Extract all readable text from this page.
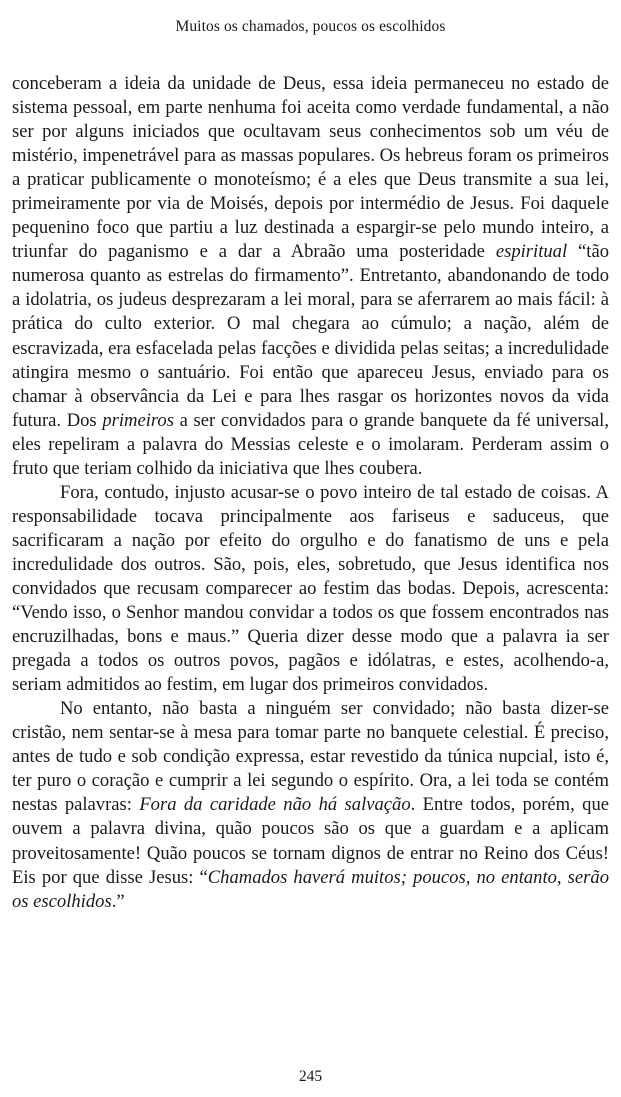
Muitos os chamados, poucos os escolhidos

conceberam a ideia da unidade de Deus, essa ideia permaneceu no estado de sistema pessoal, em parte nenhuma foi aceita como verdade fundamental, a não ser por alguns iniciados que ocultavam seus conhecimentos sob um véu de mistério, impenetrável para as massas populares. Os hebreus foram os primeiros a praticar publicamente o monoteísmo; é a eles que Deus transmite a sua lei, primeiramente por via de Moisés, depois por intermédio de Jesus. Foi daquele pequenino foco que partiu a luz destinada a espargir-se pelo mundo inteiro, a triunfar do paganismo e a dar a Abraão uma posteridade espiritual “tão numerosa quanto as estrelas do firmamento”. Entretanto, abandonando de todo a idolatria, os judeus desprezaram a lei moral, para se aferrarem ao mais fácil: à prática do culto exterior. O mal chegara ao cúmulo; a nação, além de escravizada, era esfacelada pelas facções e dividida pelas seitas; a incredulidade atingira mesmo o santuário. Foi então que apareceu Jesus, enviado para os chamar à observância da Lei e para lhes rasgar os horizontes novos da vida futura. Dos primeiros a ser convidados para o grande banquete da fé universal, eles repeliram a palavra do Messias celeste e o imolaram. Perderam assim o fruto que teriam colhido da iniciativa que lhes coubera.

Fora, contudo, injusto acusar-se o povo inteiro de tal estado de coisas. A responsabilidade tocava principalmente aos fariseus e saduceus, que sacrificaram a nação por efeito do orgulho e do fanatismo de uns e pela incredulidade dos outros. São, pois, eles, sobretudo, que Jesus identifica nos convidados que recusam comparecer ao festim das bodas. Depois, acrescenta: “Vendo isso, o Senhor mandou convidar a todos os que fossem encontrados nas encruzilhadas, bons e maus.” Queria dizer desse modo que a palavra ia ser pregada a todos os outros povos, pagãos e idólatras, e estes, acolhendo-a, seriam admitidos ao festim, em lugar dos primeiros convidados.

No entanto, não basta a ninguém ser convidado; não basta dizer-se cristão, nem sentar-se à mesa para tomar parte no banquete celestial. É preciso, antes de tudo e sob condição expressa, estar revestido da túnica nupcial, isto é, ter puro o coração e cumprir a lei segundo o espírito. Ora, a lei toda se contém nestas palavras: Fora da caridade não há salvação. Entre todos, porém, que ouvem a palavra divina, quão poucos são os que a guardam e a aplicam proveitosamente! Quão poucos se tornam dignos de entrar no Reino dos Céus! Eis por que disse Jesus: “Chamados haverá muitos; poucos, no entanto, serão os escolhidos.”

245
